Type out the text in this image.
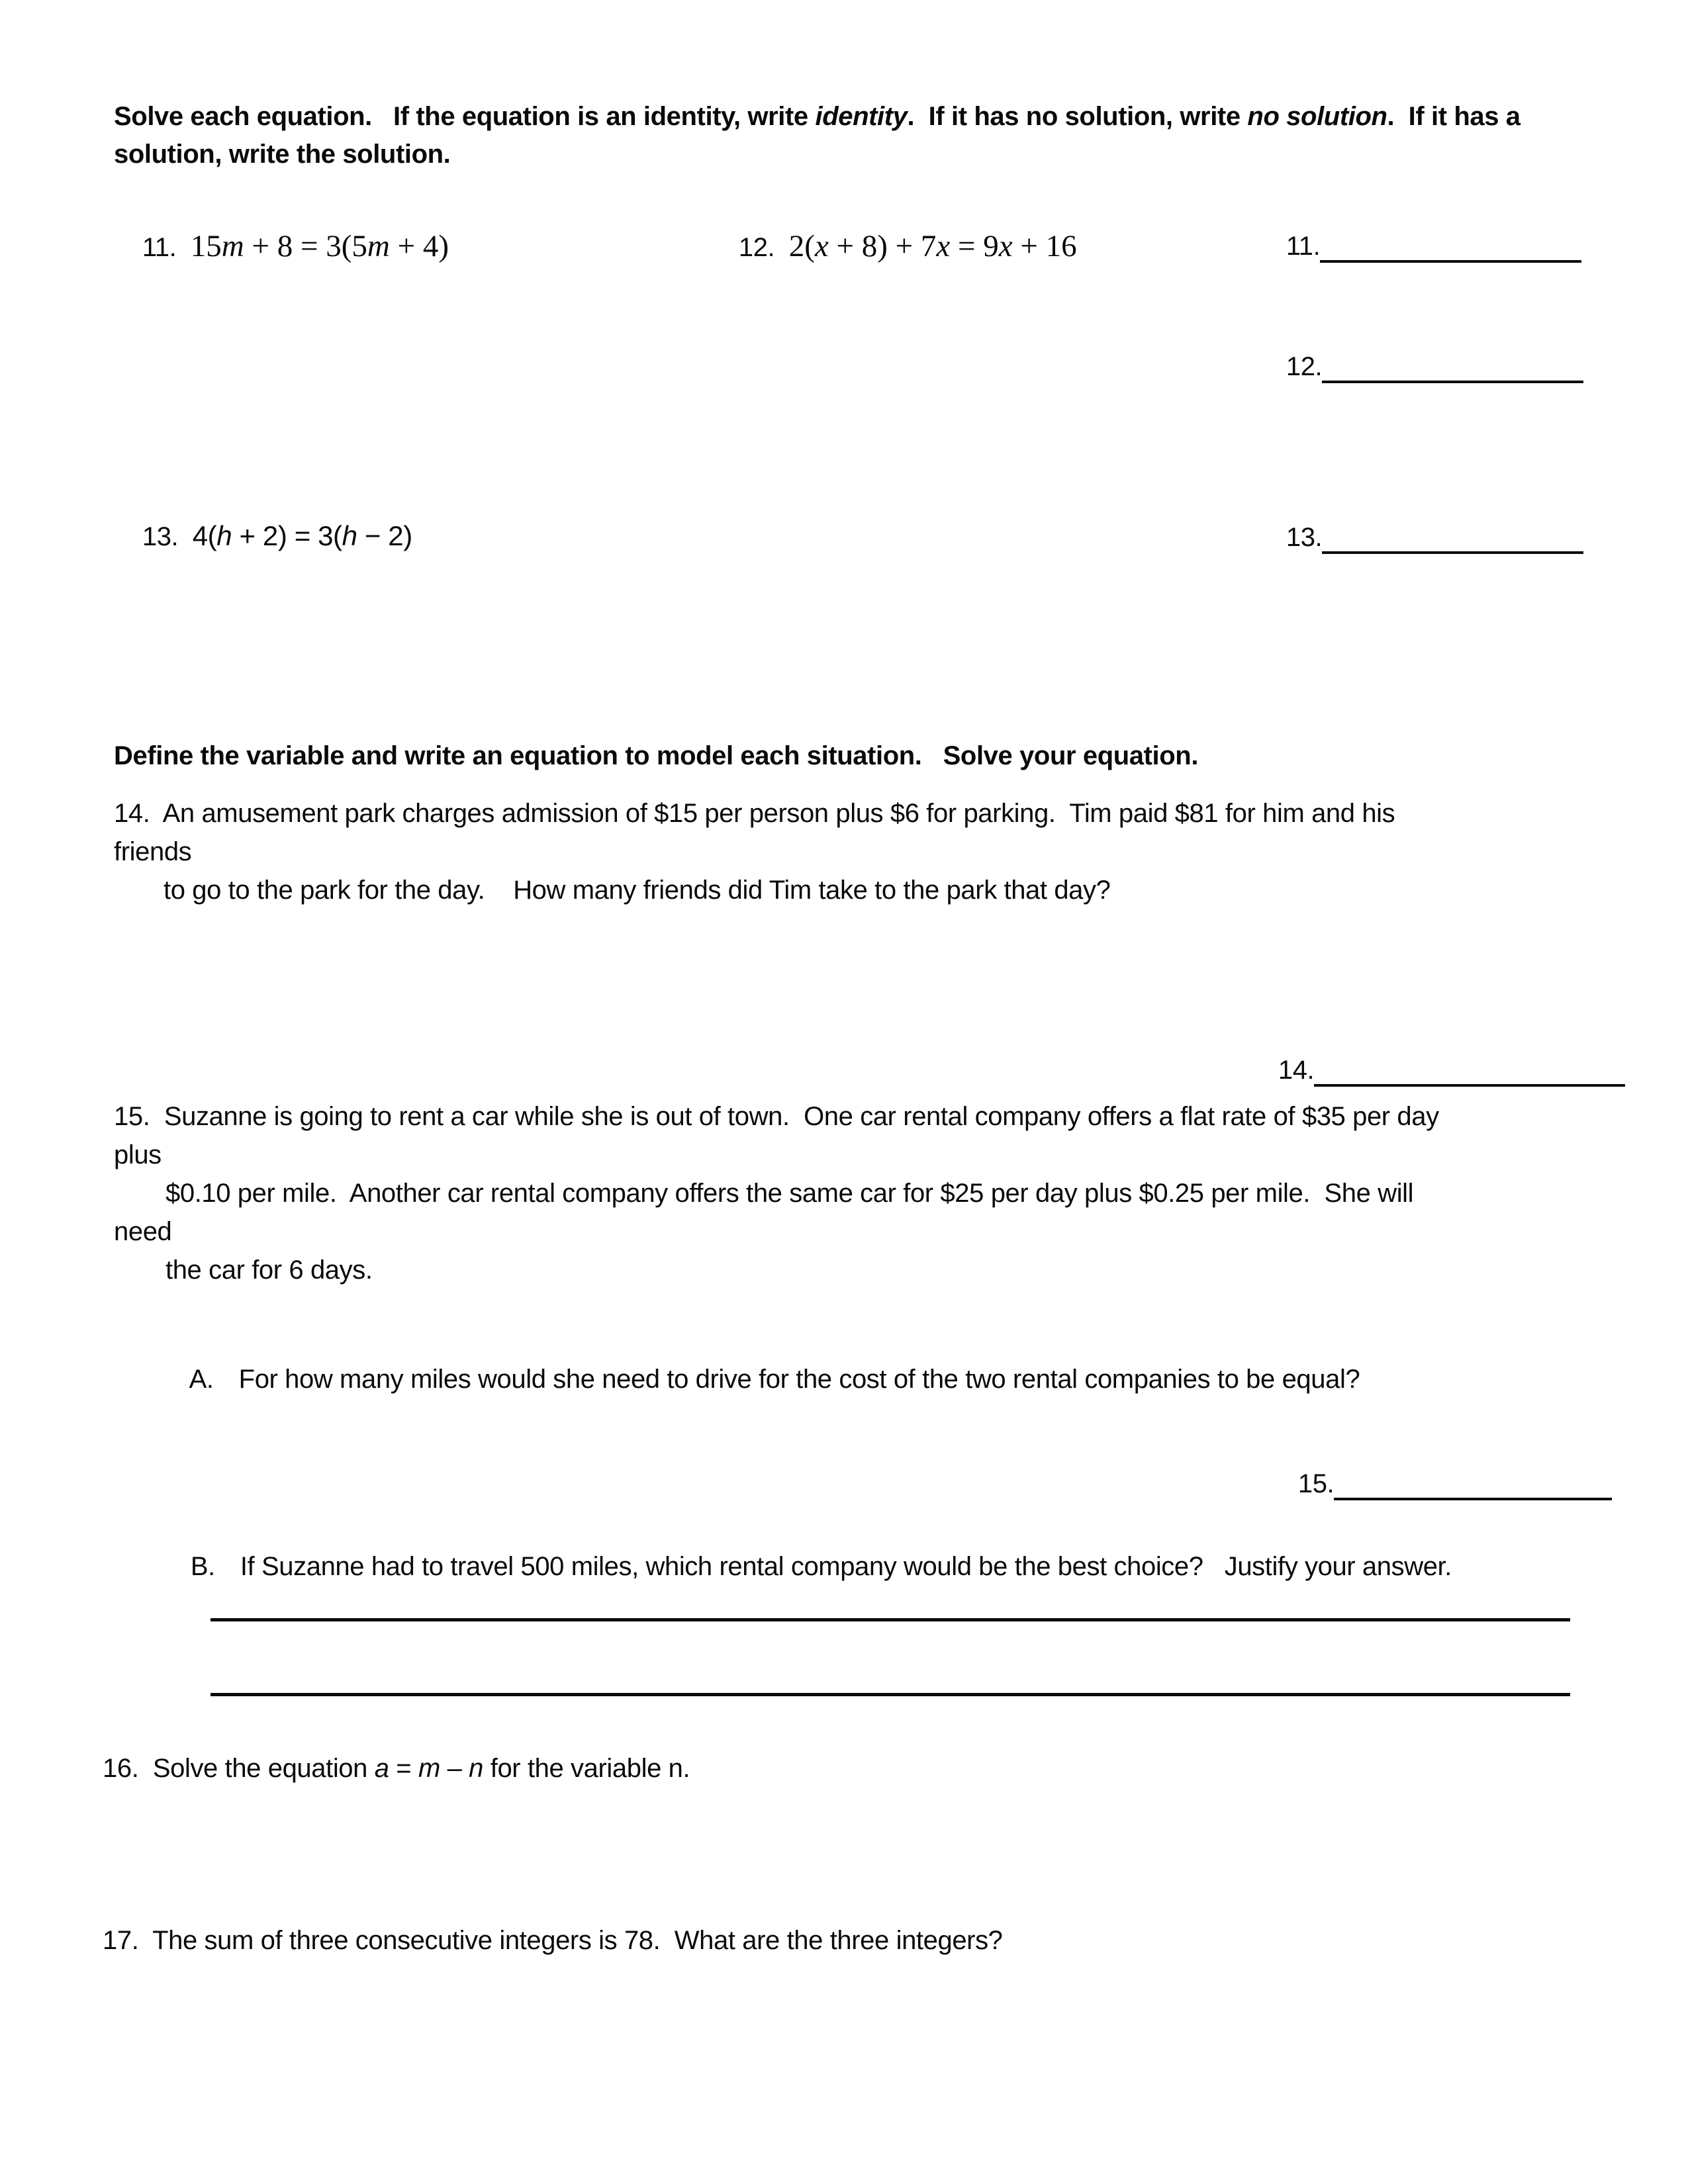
Solve each equation.   If the equation is an identity, write identity.  If it has no solution, write no solution.  If it has a
solution, write the solution.

11.  15m + 8 = 3(5m + 4)
	12.  2(x + 8) + 7x = 9x + 16
	11.

12.

13.  4(h + 2) = 3(h − 2)
	13.

Define the variable and write an equation to model each situation.   Solve your equation.
14.  An amusement park charges admission of $15 per person plus $6 for parking.  Tim paid $81 for him and his
friends
to go to the park for the day.    How many friends did Tim take to the park that day?

14.

15.  Suzanne is going to rent a car while she is out of town.  One car rental company offers a flat rate of $35 per day
plus
$0.10 per mile.  Another car rental company offers the same car for $25 per day plus $0.25 per mile.  She will
need
the car for 6 days.

A. For how many miles would she need to drive for the cost of the two rental companies to be equal?

15.

B. If Suzanne had to travel 500 miles, which rental company would be the best choice?   Justify your answer.

16.  Solve the equation a = m – n for the variable n.
17.  The sum of three consecutive integers is 78.  What are the three integers?
